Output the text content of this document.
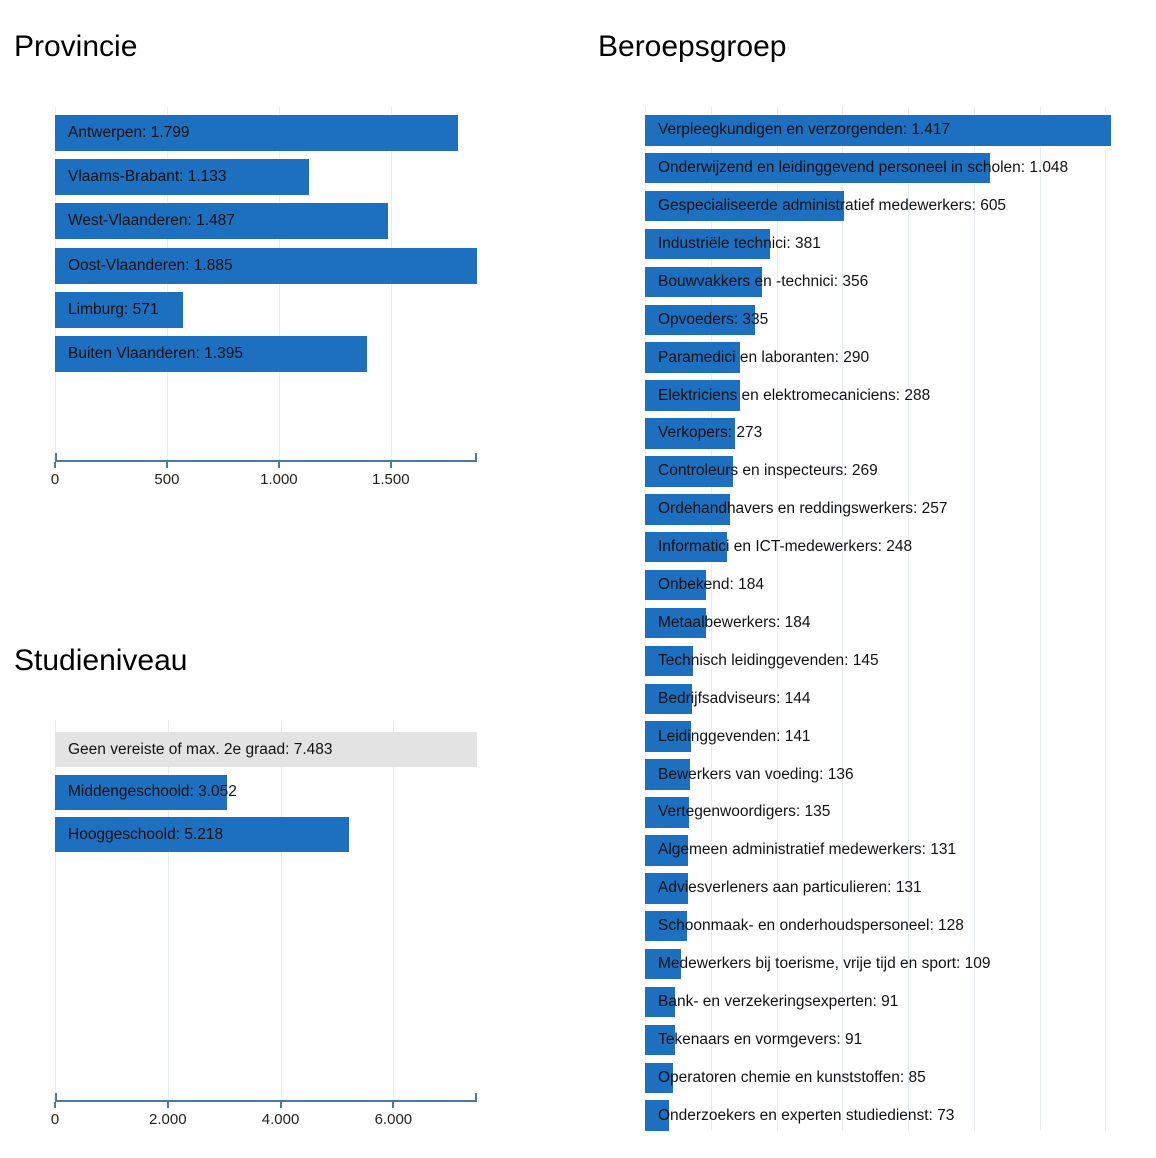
Provincie
Studieniveau
Beroepsgroep
Antwerpen: 1.799
Vlaams-Brabant: 1.133
West-Vlaanderen: 1.487
Oost-Vlaanderen: 1.885
Limburg: 571
Buiten Vlaanderen: 1.395
0	500	1.000	1.500
Geen vereiste of max. 2e graad: 7.483
Middengeschoold: 3.052
Hooggeschoold: 5.218
0	2.000	4.000	6.000
Verpleegkundigen en verzorgenden: 1.417
Onderwijzend en leidinggevend personeel in scholen: 1.048
Gespecialiseerde administratief medewerkers: 605
Industriële technici: 381
Bouwvakkers en -technici: 356
Opvoeders: 335
Paramedici en laboranten: 290
Elektriciens en elektromecaniciens: 288
Verkopers: 273
Controleurs en inspecteurs: 269
Ordehandhavers en reddingswerkers: 257
Informatici en ICT-medewerkers: 248
Onbekend: 184
Metaalbewerkers: 184
Technisch leidinggevenden: 145
Bedrijfsadviseurs: 144
Leidinggevenden: 141
Bewerkers van voeding: 136
Vertegenwoordigers: 135
Algemeen administratief medewerkers: 131
Adviesverleners aan particulieren: 131
Schoonmaak- en onderhoudspersoneel: 128
Medewerkers bij toerisme, vrije tijd en sport: 109
Bank- en verzekeringsexperten: 91
Tekenaars en vormgevers: 91
Operatoren chemie en kunststoffen: 85
Onderzoekers en experten studiedienst: 73
